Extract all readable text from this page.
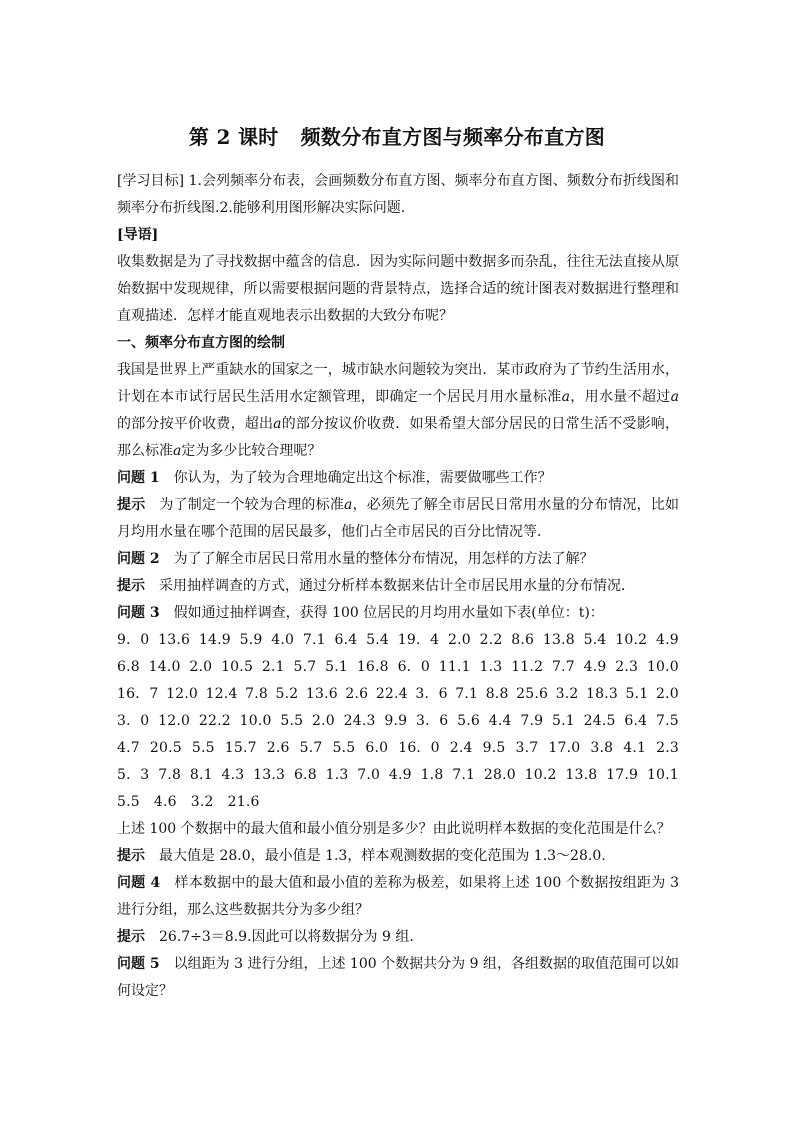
第 2 课时 频数分布直方图与频率分布直方图

[学习目标] 1.会列频率分布表，会画频数分布直方图、频率分布直方图、频数分布折线图和频率分布折线图.2.能够利用图形解决实际问题.

[导语]

收集数据是为了寻找数据中蕴含的信息．因为实际问题中数据多而杂乱，往往无法直接从原始数据中发现规律，所以需要根据问题的背景特点，选择合适的统计图表对数据进行整理和直观描述．怎样才能直观地表示出数据的大致分布呢？

一、频率分布直方图的绘制

我国是世界上严重缺水的国家之一，城市缺水问题较为突出．某市政府为了节约生活用水，计划在本市试行居民生活用水定额管理，即确定一个居民月用水量标准a，用水量不超过a的部分按平价收费，超出a的部分按议价收费．如果希望大部分居民的日常生活不受影响，那么标准a定为多少比较合理呢？

问题 1 你认为，为了较为合理地确定出这个标准，需要做哪些工作？

提示 为了制定一个较为合理的标准a，必须先了解全市居民日常用水量的分布情况，比如月均用水量在哪个范围的居民最多，他们占全市居民的百分比情况等．

问题 2 为了了解全市居民日常用水量的整体分布情况，用怎样的方法了解？

提示 采用抽样调查的方式，通过分析样本数据来估计全市居民用水量的分布情况．

问题 3 假如通过抽样调查，获得 100 位居民的月均用水量如下表(单位：t)：

9．0 13.6 14.9 5.9 4.0 7.1 6.4 5.4 19．4 2.0 2.2 8.6 13.8 5.4 10.2 4.9
6.8 14.0 2.0 10.5 2.1 5.7 5.1 16.8 6．0 11.1 1.3 11.2 7.7 4.9 2.3 10.0
16．7 12.0 12.4 7.8 5.2 13.6 2.6 22.4 3．6 7.1 8.8 25.6 3.2 18.3 5.1 2.0
3．0 12.0 22.2 10.0 5.5 2.0 24.3 9.9 3．6 5.6 4.4 7.9 5.1 24.5 6.4 7.5
4.7 20.5 5.5 15.7 2.6 5.7 5.5 6.0 16．0 2.4 9.5 3.7 17.0 3.8 4.1 2.3
5．3 7.8 8.1 4.3 13.3 6.8 1.3 7.0 4.9 1.8 7.1 28.0 10.2 13.8 17.9 10.1
5.5 4.6 3.2 21.6

上述 100 个数据中的最大值和最小值分别是多少？由此说明样本数据的变化范围是什么？

提示 最大值是 28.0，最小值是 1.3，样本观测数据的变化范围为 1.3～28.0.

问题 4 样本数据中的最大值和最小值的差称为极差，如果将上述 100 个数据按组距为 3 进行分组，那么这些数据共分为多少组？

提示 26.7÷3＝8.9.因此可以将数据分为 9 组．

问题 5 以组距为 3 进行分组，上述 100 个数据共分为 9 组，各组数据的取值范围可以如何设定？
